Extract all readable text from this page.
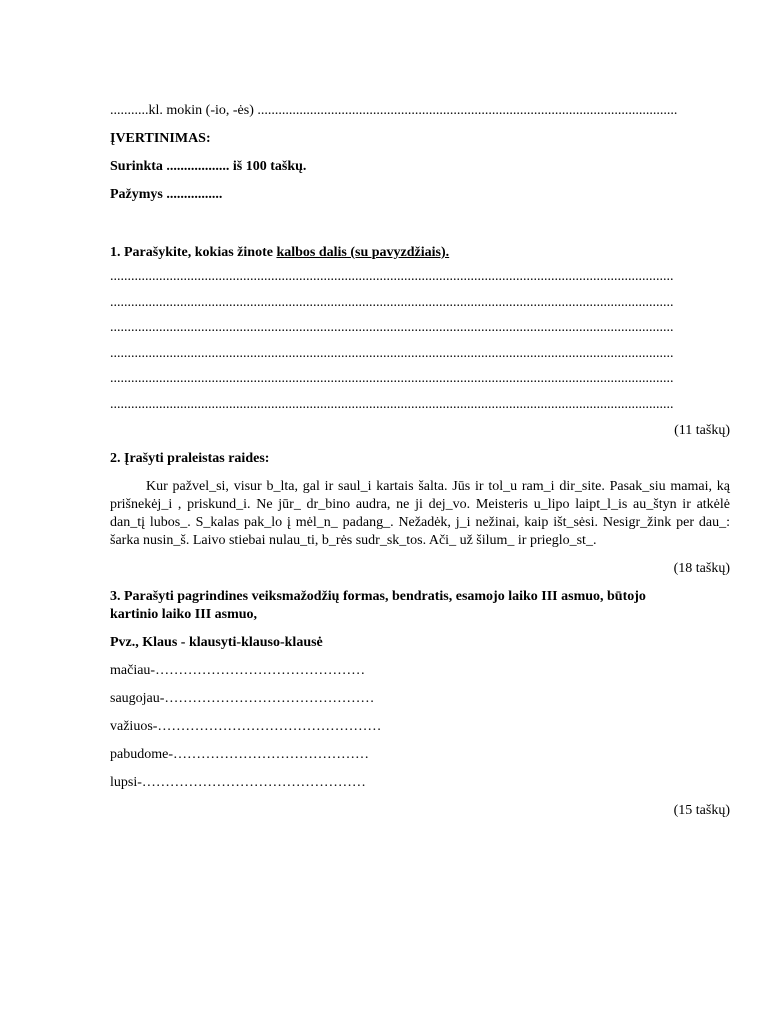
...........kl. mokin (-io, -ės) ........................................................................................................................
ĮVERTINIMAS:
Surinkta .................. iš 100 taškų.
Pažymys ................
1. Parašykite, kokias žinote kalbos dalis (su pavyzdžiais).
.................................................................................................................................................................
.................................................................................................................................................................
.................................................................................................................................................................
.................................................................................................................................................................
.................................................................................................................................................................
.................................................................................................................................................................
(11 taškų)
2. Įrašyti praleistas raides:

Kur pažvel_si, visur b_lta, gal ir saul_i kartais šalta. Jūs ir tol_u ram_i dir_site. Pasak_siu mamai, ką prišnekėj_i , priskund_i. Ne jūr_ dr_bino audra, ne ji dej_vo. Meisteris u_lipo laipt_l_is au_štyn ir atkėlė dan_tį lubos_. S_kalas pak_lo į mėl_n_ padang_. Nežadėk, j_i nežinai, kaip išt_sėsi. Nesigr_žink per dau_: šarka nusin_š. Laivo stiebai nulau_ti, b_rės sudr_sk_tos. Ači_ už šilum_ ir prieglo_st_.

(18 taškų)
3. Parašyti pagrindines veiksmažodžių formas, bendratis, esamojo laiko III asmuo, būtojo
kartinio laiko III asmuo,
Pvz., Klaus - klausyti-klauso-klausė
mačiau-………………………………………
saugojau-………………………………………
važiuos-…………………………………………
pabudome-……………………………………
lupsi-…………………………………………
(15 taškų)
